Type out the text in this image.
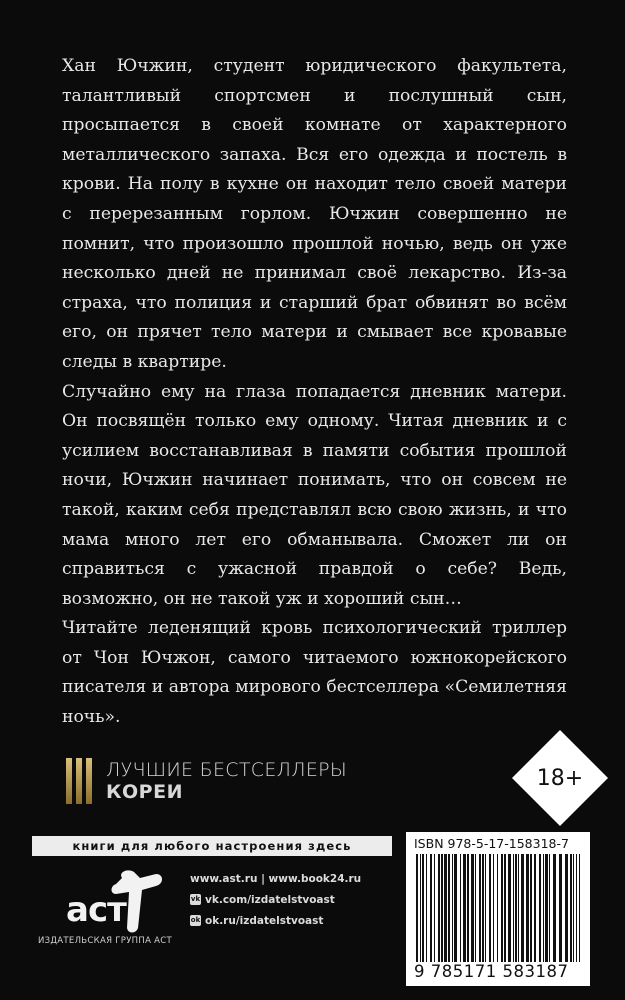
Хан Ючжин, студент юридического факультета, талантливый спортсмен и послушный сын, просыпается в своей комнате от характерного металлического запаха. Вся его одежда и постель в крови. На полу в кухне он находит тело своей матери с перерезанным горлом. Ючжин совершенно не помнит, что произошло прошлой ночью, ведь он уже несколько дней не принимал своё лекарство. Из-за страха, что полиция и старший брат обвинят во всём его, он прячет тело матери и смывает все кровавые следы в квартире.

Случайно ему на глаза попадается дневник матери. Он посвящён только ему одному. Читая дневник и с усилием восстанавливая в памяти события прошлой ночи, Ючжин начинает понимать, что он совсем не такой, каким себя представлял всю свою жизнь, и что мама много лет его обманывала. Сможет ли он справиться с ужасной правдой о себе? Ведь, возможно, он не такой уж и хороший сын…

Читайте леденящий кровь психологический триллер от Чон Ючжон, самого читаемого южнокорейского писателя и автора мирового бестселлера «Семилетняя ночь».

ЛУЧШИЕ БЕСТСЕЛЛЕРЫ
КОРЕИ
18+
книги для любого настроения здесь
аст
ИЗДАТЕЛЬСКАЯ ГРУППА АСТ
www.ast.ru | www.book24.ru
vk vk.com/izdatelstvoast
ok ok.ru/izdatelstvoast
ISBN 978-5-17-158318-7
9 785171 583187
